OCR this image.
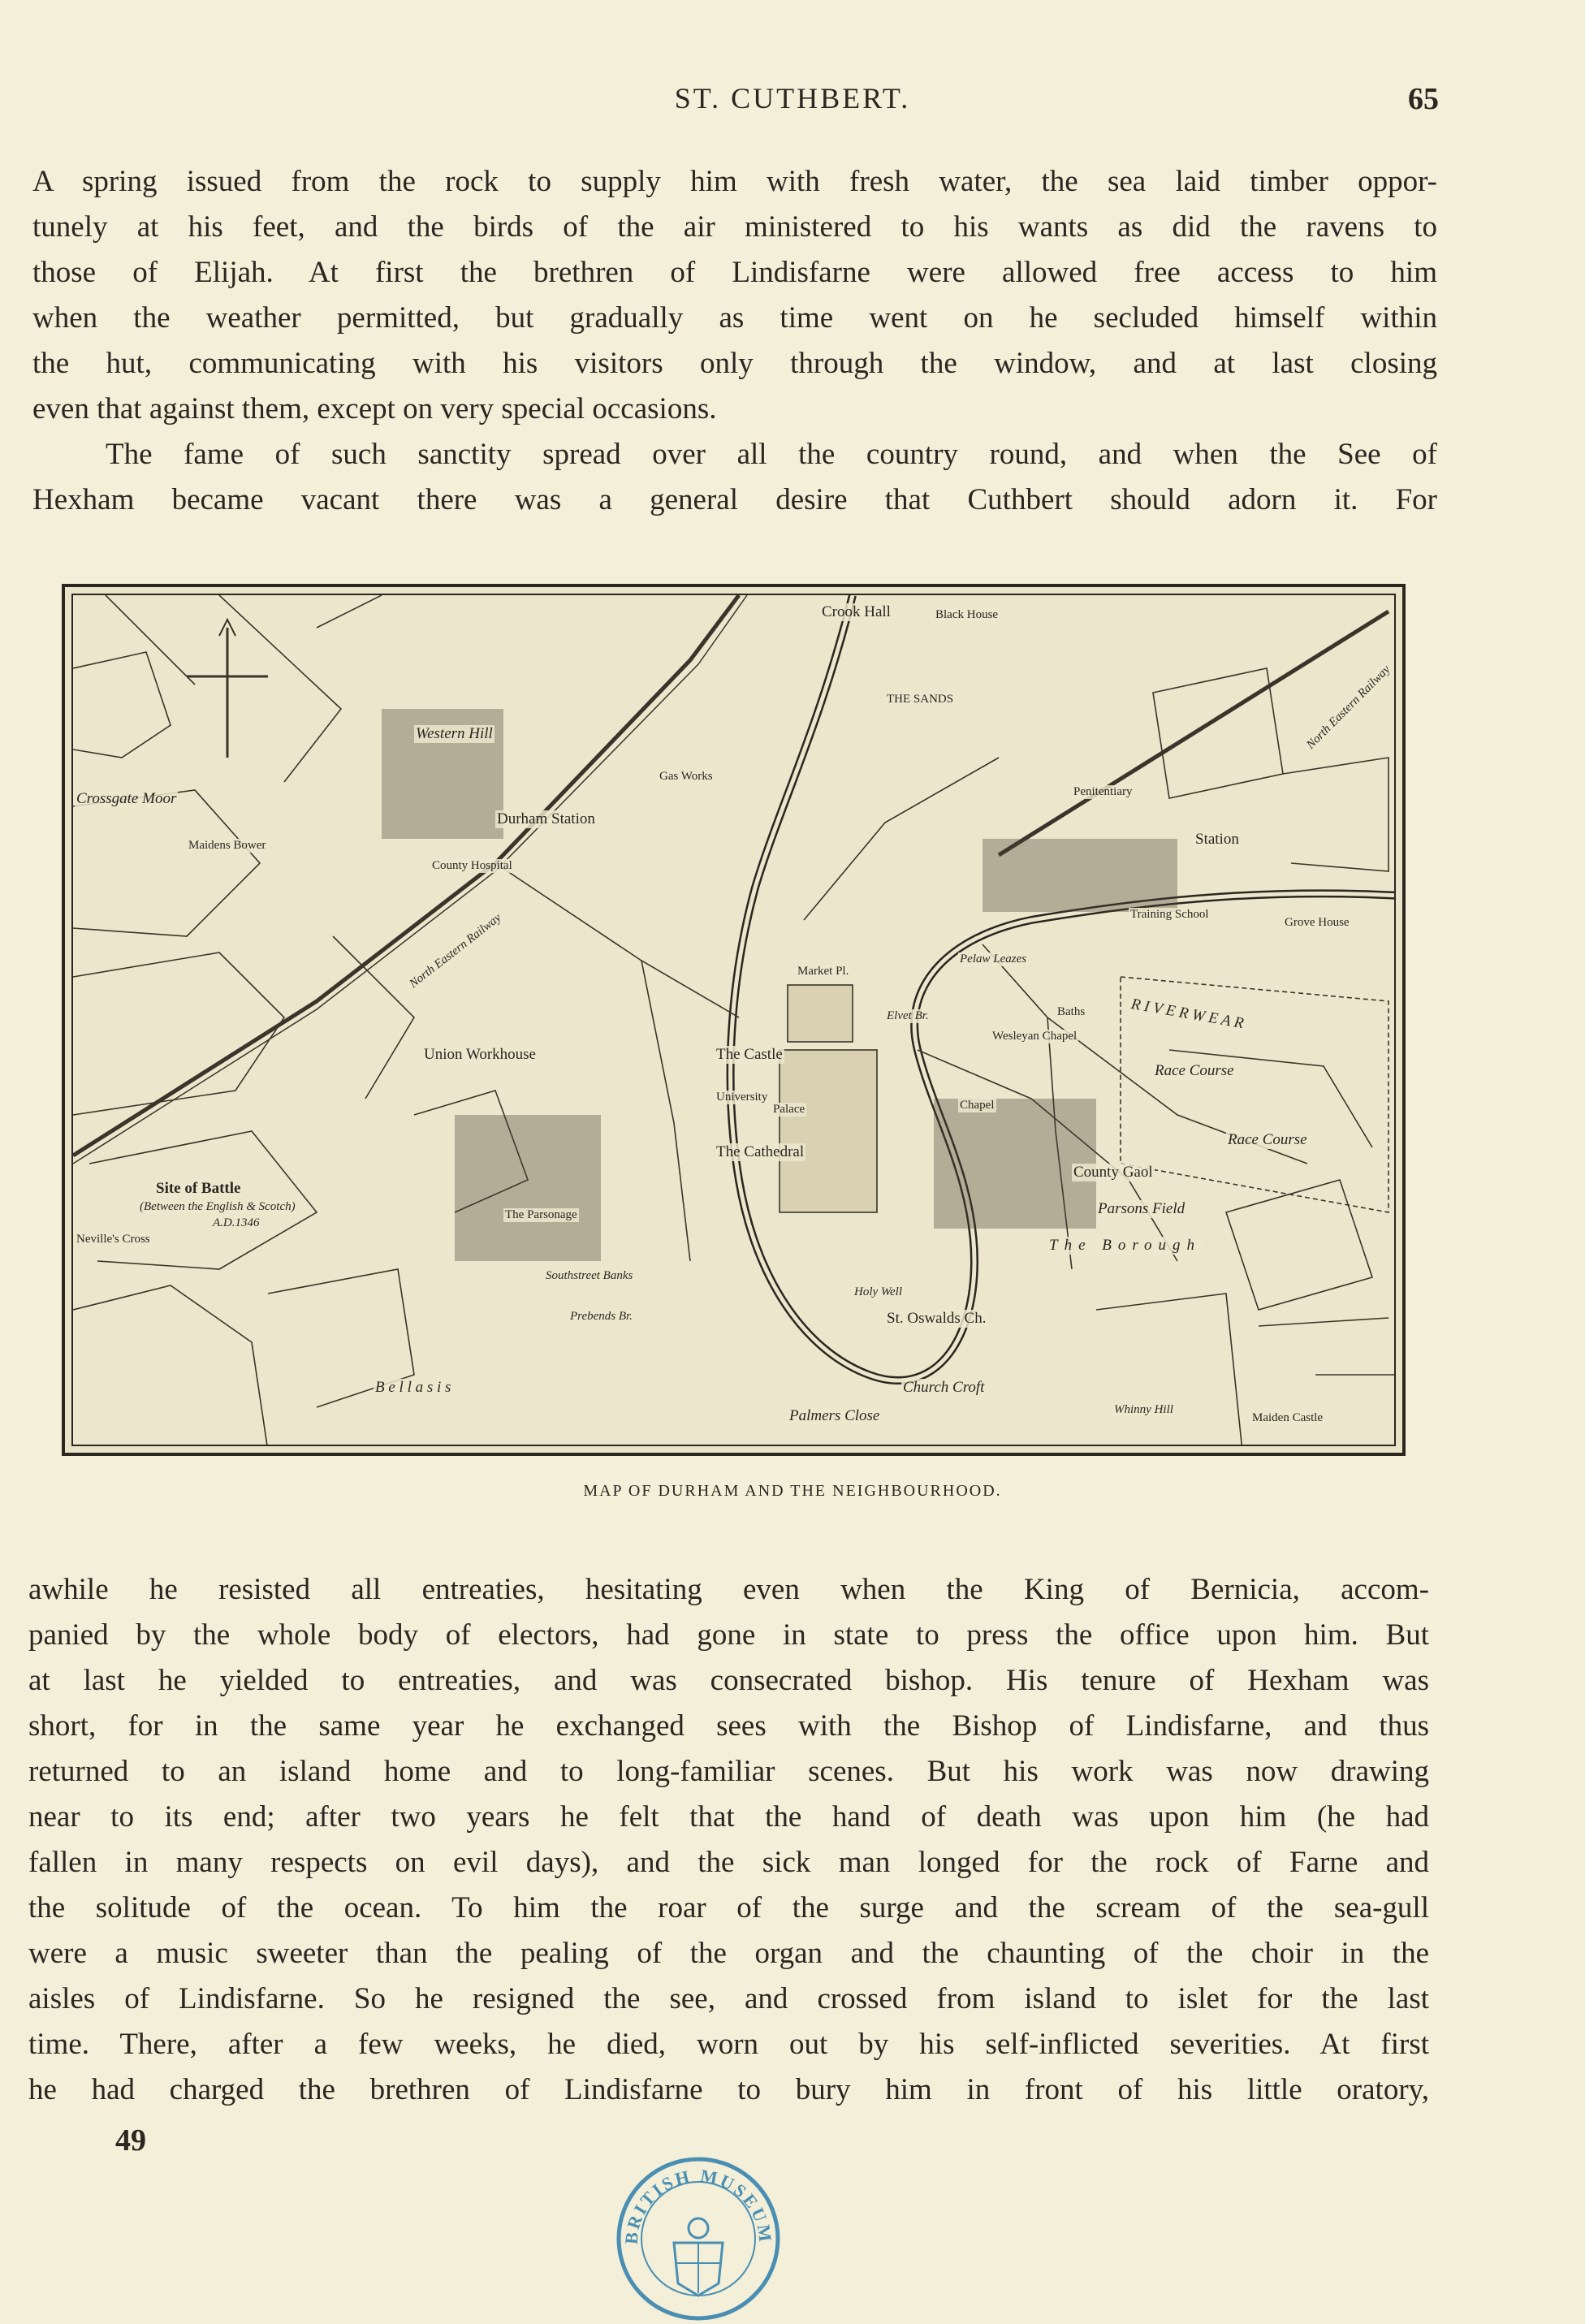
ST. CUTHBERT.	65

A spring issued from the rock to supply him with fresh water, the sea laid timber oppor-
tunely at his feet, and the birds of the air ministered to his wants as did the ravens to
those of Elijah. At first the brethren of Lindisfarne were allowed free access to him
when the weather permitted, but gradually as time went on he secluded himself within
the hut, communicating with his visitors only through the window, and at last closing
even that against them, except on very special occasions.

The fame of such sanctity spread over all the country round, and when the See of
Hexham became vacant there was a general desire that Cuthbert should adorn it. For

Crossgate Moor
Maidens Bower
Western Hill
Durham Station
County Hospital
Gas Works
Crook Hall	Black House
THE SANDS
Penitentiary
Station
North Eastern Railway
North Eastern Railway	Training School
Grove House
Pelaw Leazes
Elvet Br.	Baths
Wesleyan Chapel
R I V E R W E A R
Race Course
Race Course
Union Workhouse	The Castle
University
Palace
The Cathedral
Market Pl.
Chapel
County Gaol
Parsons Field
The Borough
Site of Battle
(Between the English & Scotch)
A.D.1346
Neville's Cross
The Parsonage
Southstreet Banks
Prebends Br.	St. Oswalds Ch.
Holy Well
Church Croft
B e l l a s i s
Palmers Close	Whinny Hill
Maiden Castle
MAP OF DURHAM AND THE NEIGHBOURHOOD.

awhile he resisted all entreaties, hesitating even when the King of Bernicia, accom-
panied by the whole body of electors, had gone in state to press the office upon him. But
at last he yielded to entreaties, and was consecrated bishop. His tenure of Hexham was
short, for in the same year he exchanged sees with the Bishop of Lindisfarne, and thus
returned to an island home and to long-familiar scenes. But his work was now drawing
near to its end; after two years he felt that the hand of death was upon him (he had
fallen in many respects on evil days), and the sick man longed for the rock of Farne and
the solitude of the ocean. To him the roar of the surge and the scream of the sea-gull
were a music sweeter than the pealing of the organ and the chaunting of the choir in the
aisles of Lindisfarne. So he resigned the see, and crossed from island to islet for the last
time. There, after a few weeks, he died, worn out by his self-inflicted severities. At first
he had charged the brethren of Lindisfarne to bury him in front of his little oratory,

49
BRITISH MUSEUM
